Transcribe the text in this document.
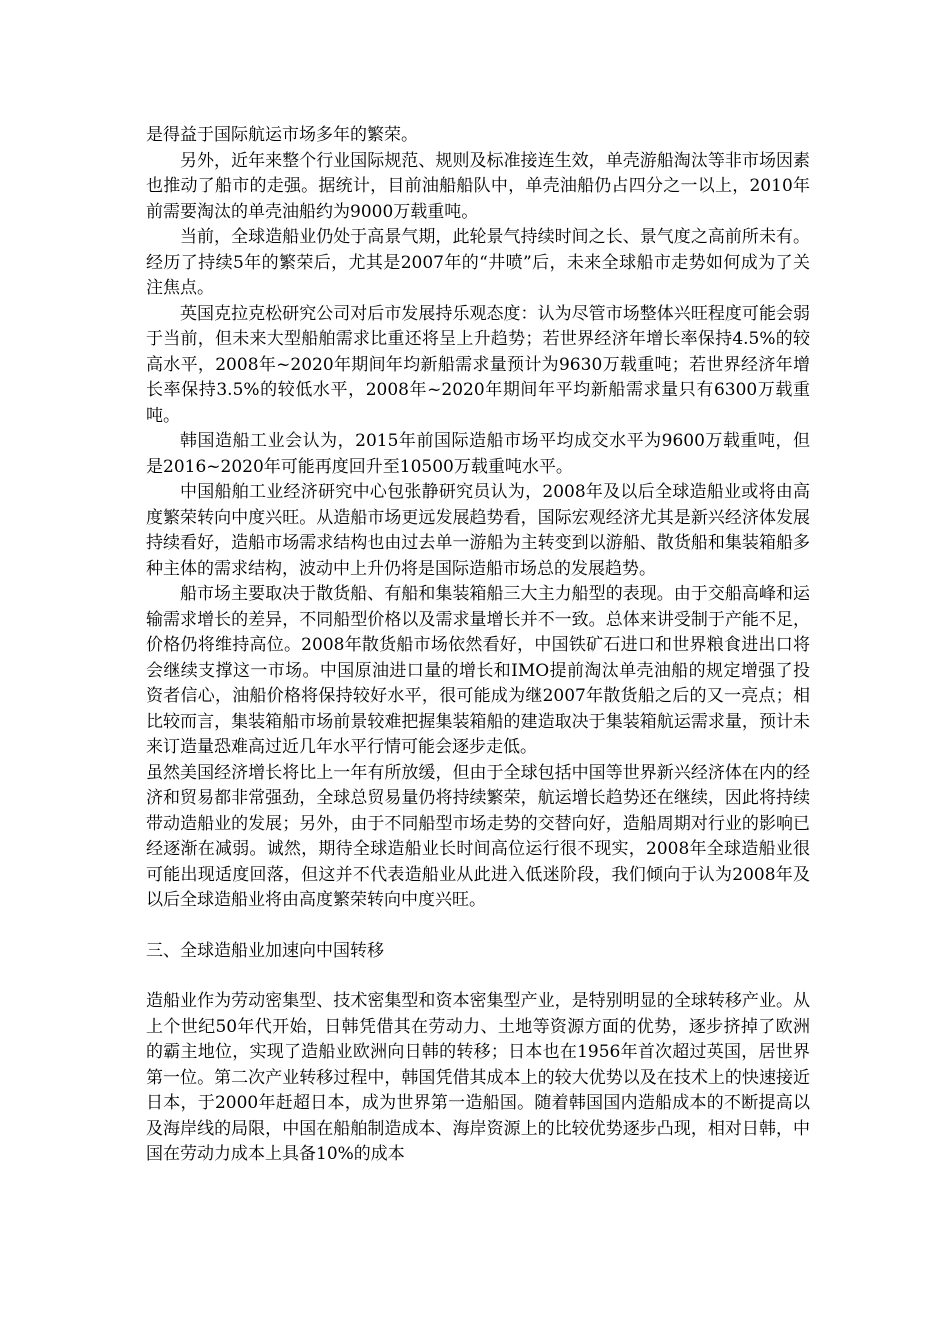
是得益于国际航运市场多年的繁荣。

另外，近年来整个行业国际规范、规则及标准接连生效，单壳游船淘汰等非市场因素也推动了船市的走强。据统计，目前油船船队中，单壳油船仍占四分之一以上，2010年前需要淘汰的单壳油船约为9000万载重吨。

当前，全球造船业仍处于高景气期，此轮景气持续时间之长、景气度之高前所未有。经历了持续5年的繁荣后，尤其是2007年的“井喷”后，未来全球船市走势如何成为了关注焦点。

英国克拉克松研究公司对后市发展持乐观态度：认为尽管市场整体兴旺程度可能会弱于当前，但未来大型船舶需求比重还将呈上升趋势；若世界经济年增长率保持4.5%的较高水平，2008年~2020年期间年均新船需求量预计为9630万载重吨；若世界经济年增长率保持3.5%的较低水平，2008年~2020年期间年平均新船需求量只有6300万载重吨。

韩国造船工业会认为，2015年前国际造船市场平均成交水平为9600万载重吨，但是2016~2020年可能再度回升至10500万载重吨水平。

中国船舶工业经济研究中心包张静研究员认为，2008年及以后全球造船业或将由高度繁荣转向中度兴旺。从造船市场更远发展趋势看，国际宏观经济尤其是新兴经济体发展持续看好，造船市场需求结构也由过去单一游船为主转变到以游船、散货船和集装箱船多种主体的需求结构，波动中上升仍将是国际造船市场总的发展趋势。

船市场主要取决于散货船、有船和集装箱船三大主力船型的表现。由于交船高峰和运输需求增长的差异，不同船型价格以及需求量增长并不一致。总体来讲受制于产能不足，价格仍将维持高位。2008年散货船市场依然看好，中国铁矿石进口和世界粮食进出口将会继续支撑这一市场。中国原油进口量的增长和IMO提前淘汰单壳油船的规定增强了投资者信心，油船价格将保持较好水平，很可能成为继2007年散货船之后的又一亮点；相比较而言，集装箱船市场前景较难把握集装箱船的建造取决于集装箱航运需求量，预计未来订造量恐难高过近几年水平行情可能会逐步走低。

虽然美国经济增长将比上一年有所放缓，但由于全球包括中国等世界新兴经济体在内的经济和贸易都非常强劲，全球总贸易量仍将持续繁荣，航运增长趋势还在继续，因此将持续带动造船业的发展；另外，由于不同船型市场走势的交替向好，造船周期对行业的影响已经逐渐在减弱。诚然，期待全球造船业长时间高位运行很不现实，2008年全球造船业很可能出现适度回落，但这并不代表造船业从此进入低迷阶段，我们倾向于认为2008年及以后全球造船业将由高度繁荣转向中度兴旺。

三、全球造船业加速向中国转移

造船业作为劳动密集型、技术密集型和资本密集型产业，是特别明显的全球转移产业。从上个世纪50年代开始，日韩凭借其在劳动力、土地等资源方面的优势，逐步挤掉了欧洲的霸主地位，实现了造船业欧洲向日韩的转移；日本也在1956年首次超过英国，居世界第一位。第二次产业转移过程中，韩国凭借其成本上的较大优势以及在技术上的快速接近日本，于2000年赶超日本，成为世界第一造船国。随着韩国国内造船成本的不断提高以及海岸线的局限，中国在船舶制造成本、海岸资源上的比较优势逐步凸现，相对日韩，中国在劳动力成本上具备10%的成本
